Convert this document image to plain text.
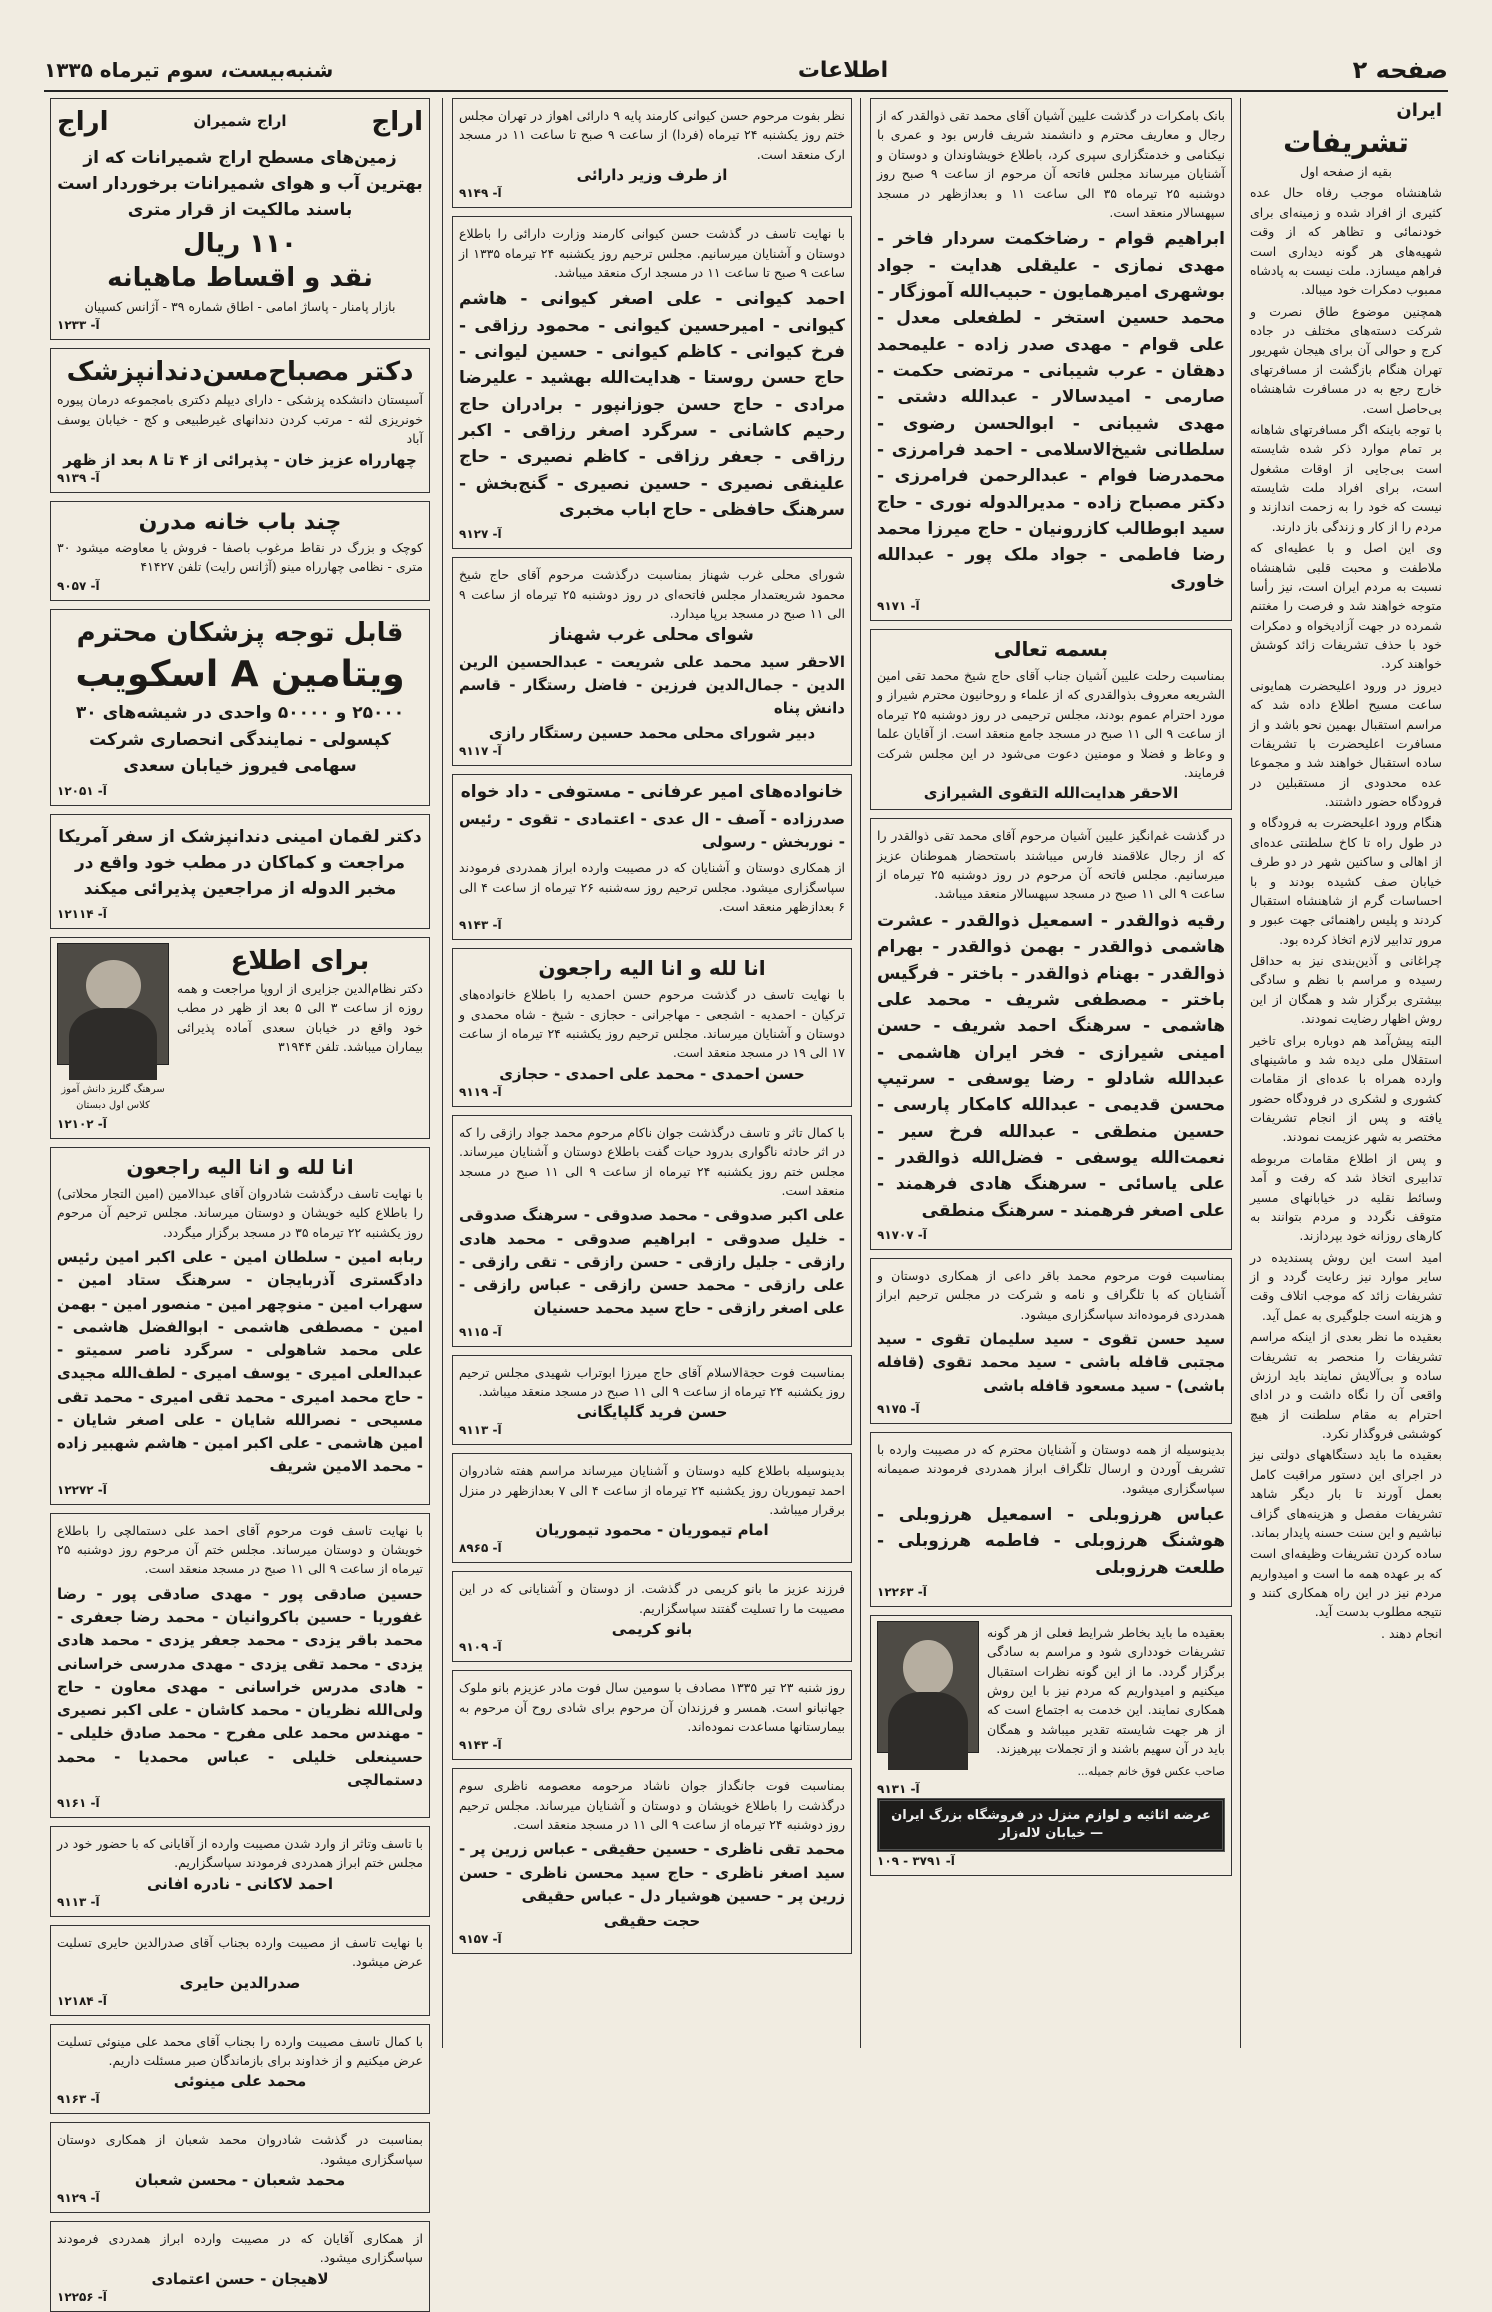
صفحه ۲
اطلاعات
شنبه‌بیست، سوم تیرماه ۱۳۳۵
ایران
تشریفات

بقیه از صفحه اول

شاهنشاه موجب رفاه حال عده کثیری از افراد شده و زمینه‌ای برای خودنمائی و تظاهر که از وقت شهیه‌های هر گونه دیداری است فراهم میسازد. ملت نیست به پادشاه ممبوب دمکرات خود میبالد.

همچنین موضوع طاق نصرت و شرکت دسته‌های مختلف در جاده کرج و حوالی آن برای هیجان شهریور تهران هنگام بازگشت از مسافرتهای خارج رجع به در مسافرت شاهنشاه بی‌حاصل است.

با توجه باینکه اگر مسافرتهای شاهانه بر تمام موارد ذکر شده شایسته است بی‌جایی از اوقات مشغول است، برای افراد ملت شایسته نیست که خود را به زحمت اندازند و مردم را از کار و زندگی باز دارند.

وی این اصل و با عطیه‌ای که ملاطفت و محبت قلبی شاهنشاه نسبت به مردم ایران است، نیز رأسا متوجه خواهند شد و فرصت را مغتنم شمرده در جهت آزادیخواه و دمکرات خود با حذف تشریفات زائد کوشش خواهند کرد.

دیروز در ورود اعلیحضرت همایونی ساعت مسیح اطلاع داده شد که مراسم استقبال بهمین نحو باشد و از مسافرت اعلیحضرت با تشریفات ساده استقبال خواهند شد و مجموعا عده محدودی از مستقبلین در فرودگاه حضور داشتند.

هنگام ورود اعلیحضرت به فرودگاه و در طول راه تا کاخ سلطنتی عده‌ای از اهالی و ساکنین شهر در دو طرف خیابان صف کشیده بودند و با احساسات گرم از شاهنشاه استقبال کردند و پلیس راهنمائی جهت عبور و مرور تدابیر لازم اتخاذ کرده بود.

چراغانی و آذین‌بندی نیز به حداقل رسیده و مراسم با نظم و سادگی بیشتری برگزار شد و همگان از این روش اظهار رضایت نمودند.

البته پیش‌آمد هم دوباره برای تاخیر استقلال ملی دیده شد و ماشینهای وارده همراه با عده‌ای از مقامات کشوری و لشکری در فرودگاه حضور یافته و پس از انجام تشریفات مختصر به شهر عزیمت نمودند.

و پس از اطلاع مقامات مربوطه تدابیری اتخاذ شد که رفت و آمد وسائط نقلیه در خیابانهای مسیر متوقف نگردد و مردم بتوانند به کارهای روزانه خود بپردازند.

امید است این روش پسندیده در سایر موارد نیز رعایت گردد و از تشریفات زائد که موجب اتلاف وقت و هزینه است جلوگیری به عمل آید.

بعقیده ما نظر بعدی از اینکه مراسم تشریفات را منحصر به تشریفات ساده و بی‌آلایش نمایند باید ارزش واقعی آن را نگاه داشت و در ادای احترام به مقام سلطنت از هیچ کوششی فروگذار نکرد.

بعقیده ما باید دستگاههای دولتی نیز در اجرای این دستور مراقبت کامل بعمل آورند تا بار دیگر شاهد تشریفات مفصل و هزینه‌های گزاف نباشیم و این سنت حسنه پایدار بماند.

ساده کردن تشریفات وظیفه‌ای است که بر عهده همه ما است و امیدواریم مردم نیز در این راه همکاری کنند و نتیجه مطلوب بدست آید.

انجام دهند .

بانک بامکرات در گذشت علیین آشیان آقای محمد تقی ذوالقدر که از رجال و معاریف محترم و دانشمند شریف فارس بود و عمری با نیکنامی و خدمتگزاری سپری کرد، باطلاع خویشاوندان و دوستان و آشنایان میرساند مجلس فاتحه آن مرحوم از ساعت ۹ صبح روز دوشنبه ۲۵ تیرماه ۳۵ الی ساعت ۱۱ و بعدازظهر در مسجد سپهسالار منعقد است.

ابراهیم قوام - رضاخکمت سردار فاخر - مهدی نمازی - علیقلی هدایت - جواد بوشهری امیرهمایون - حبیب‌الله آموزگار - محمد حسین استخر - لطفعلی معدل - علی قوام - مهدی صدر زاده - علیمحمد دهقان - عرب شیبانی - مرتضی حکمت - صارمی - امیدسالار - عبدالله دشتی - مهدی شیبانی - ابوالحسن رضوی - سلطانی شیخ‌الاسلامی - احمد فرامرزی - محمدرضا فوام - عبدالرحمن فرامرزی - دکتر مصباح زاده - مدیرالدوله نوری - حاج سید ابوطالب کازرونیان - حاج میرزا محمد رضا فاطمی - جواد ملک پور - عبدالله خاوری

آ- ۹۱۷۱

بسمه تعالی

بمناسبت رحلت علیین آشیان جناب آقای حاج شیخ محمد تقی امین الشریعه معروف بذوالقدری که از علماء و روحانیون محترم شیراز و مورد احترام عموم بودند، مجلس ترحیمی در روز دوشنبه ۲۵ تیرماه از ساعت ۹ الی ۱۱ صبح در مسجد جامع منعقد است. از آقایان علما و وعاظ و فضلا و مومنین دعوت می‌شود در این مجلس شرکت فرمایند.

الاحقر هدایت‌الله التقوی الشیرازی

در گذشت غم‌انگیز علیین آشیان مرحوم آقای محمد تقی ذوالقدر را که از رجال علاقمند فارس میباشند باستحضار هموطنان عزیز میرسانیم. مجلس فاتحه آن مرحوم در روز دوشنبه ۲۵ تیرماه از ساعت ۹ الی ۱۱ صبح در مسجد سپهسالار منعقد میباشد.

رقیه ذوالقدر - اسمعیل ذوالقدر - عشرت هاشمی ذوالقدر - بهمن ذوالقدر - بهرام ذوالقدر - بهنام ذوالقدر - باختر - فرگیس باختر - مصطفی شریف - محمد علی هاشمی - سرهنگ احمد شریف - حسن امینی شیرازی - فخر ایران هاشمی - عبدالله شادلو - رضا یوسفی - سرتیپ محسن قدیمی - عبدالله کامکار پارسی - حسین منطقی - عبدالله فرخ سیر - نعمت‌الله یوسفی - فضل‌الله ذوالقدر - علی یاسائی - سرهنگ هادی فرهمند - علی اصغر فرهمند - سرهنگ منطقی

آ- ۹۱۷۰۷

بمناسبت فوت مرحوم محمد باقر داعی از همکاری دوستان و آشنایان که با تلگراف و نامه و شرکت در مجلس ترحیم ابراز همدردی فرموده‌اند سپاسگزاری میشود.

سید حسن تقوی - سید سلیمان تقوی - سید مجتبی قافله باشی - سید محمد تقوی (قافله باشی) - سید مسعود قافله باشی

آ- ۹۱۷۵

بدینوسیله از همه دوستان و آشنایان محترم که در مصیبت وارده با تشریف آوردن و ارسال تلگراف ابراز همدردی فرمودند صمیمانه سپاسگزاری میشود.

عباس هرزوبلی - اسمعیل هرزوبلی - هوشنگ هرزوبلی - فاطمه هرزوبلی - طلعت هرزوبلی

آ- ۱۲۲۶۳

بعقیده ما باید بخاطر شرایط فعلی از هر گونه تشریفات خودداری شود و مراسم به سادگی برگزار گردد. ما از این گونه نظرات استقبال میکنیم و امیدواریم که مردم نیز با این روش همکاری نمایند. این خدمت به اجتماع است که از هر جهت شایسته تقدیر میباشد و همگان باید در آن سهیم باشند و از تجملات بپرهیزند.

صاحب عکس فوق خانم جمیله...

آ- ۹۱۳۱

عرضه اثاثیه و لوازم منزل در فروشگاه بزرگ ایران — خیابان لاله‌زار

آ- ۳۷۹۱ - ۱۰۹

نظر بفوت مرحوم حسن کیوانی کارمند پایه ۹ دارائی اهواز در تهران مجلس ختم روز یکشنبه ۲۴ تیرماه (فردا) از ساعت ۹ صبح تا ساعت ۱۱ در مسجد ارک منعقد است.

از طرف وزیر دارائی

آ- ۹۱۴۹

با نهایت تاسف در گذشت حسن کیوانی کارمند وزارت دارائی را باطلاع دوستان و آشنایان میرسانیم. مجلس ترحیم روز یکشنبه ۲۴ تیرماه ۱۳۳۵ از ساعت ۹ صبح تا ساعت ۱۱ در مسجد ارک منعقد میباشد.

احمد کیوانی - علی اصغر کیوانی - هاشم کیوانی - امیرحسین کیوانی - محمود رزاقی - فرخ کیوانی - کاظم کیوانی - حسین لیوانی - حاج حسن روستا - هدایت‌الله بهشید - علیرضا مرادی - حاج حسن جوزانپور - برادران حاج رحیم کاشانی - سرگرد اصغر رزاقی - اکبر رزاقی - جعفر رزاقی - کاظم نصیری - حاج علینقی نصیری - حسین نصیری - گنج‌بخش - سرهنگ حافظی - حاج اباب مخبری

آ- ۹۱۲۷

شورای محلی غرب شهناز بمناسبت درگذشت مرحوم آقای حاج شیخ محمود شریعتمدار مجلس فاتحه‌ای در روز دوشنبه ۲۵ تیرماه از ساعت ۹ الی ۱۱ صبح در مسجد برپا میدارد.

شوای محلی غرب شهناز

الاحقر سید محمد علی شریعت - عبدالحسین الرین الدین - جمال‌الدین فرزین - فاضل رستگار - قاسم دانش پناه

دبیر شورای محلی محمد حسین رستگار رازی

آ- ۹۱۱۷

خانواده‌های امیر عرفانی - مستوفی - داد خواه

صدرزاده - آصف - ال عدی - اعتمادی - تقوی - رئیس - نوربخش - رسولی

از همکاری دوستان و آشنایان که در مصیبت وارده ابراز همدردی فرمودند سپاسگزاری میشود. مجلس ترحیم روز سه‌شنبه ۲۶ تیرماه از ساعت ۴ الی ۶ بعدازظهر منعقد است.

آ- ۹۱۴۳

انا لله و انا الیه راجعون

با نهایت تاسف در گذشت مرحوم حسن احمدیه را باطلاع خانواده‌های ترکیان - احمدیه - اشجعی - مهاجرانی - حجازی - شیخ - شاه محمدی و دوستان و آشنایان میرساند. مجلس ترحیم روز یکشنبه ۲۴ تیرماه از ساعت ۱۷ الی ۱۹ در مسجد منعقد است.

حسن احمدی - محمد علی احمدی - حجازی

آ- ۹۱۱۹

با کمال تاثر و تاسف درگذشت جوان ناکام مرحوم محمد جواد رازقی را که در اثر حادثه ناگواری بدرود حیات گفت باطلاع دوستان و آشنایان میرساند. مجلس ختم روز یکشنبه ۲۴ تیرماه از ساعت ۹ الی ۱۱ صبح در مسجد منعقد است.

علی اکبر صدوقی - محمد صدوقی - سرهنگ صدوقی - خلیل صدوقی - ابراهیم صدوقی - محمد هادی رازقی - جلیل رازقی - حسن رازقی - تقی رازقی - علی رازقی - محمد حسن رازقی - عباس رازقی - علی اصغر رازقی - حاج سید محمد حسنیان

آ- ۹۱۱۵

بمناسبت فوت حجة‌الاسلام آقای حاج میرزا ابوتراب شهیدی مجلس ترحیم روز یکشنبه ۲۴ تیرماه از ساعت ۹ الی ۱۱ صبح در مسجد منعقد میباشد.

حسن فرید گلپایگانی

آ- ۹۱۱۳

بدینوسیله باطلاع کلیه دوستان و آشنایان میرساند مراسم هفته شادروان احمد تیموریان روز یکشنبه ۲۴ تیرماه از ساعت ۴ الی ۷ بعدازظهر در منزل برقرار میباشد.

امام تیموریان - محمود تیموریان

آ- ۸۹۶۵

فرزند عزیز ما بانو کریمی در گذشت. از دوستان و آشنایانی که در این مصیبت ما را تسلیت گفتند سپاسگزاریم.

بانو کریمی

آ- ۹۱۰۹

روز شنبه ۲۳ تیر ۱۳۳۵ مصادف با سومین سال فوت مادر عزیزم بانو ملوک جهانبانو است. همسر و فرزندان آن مرحوم برای شادی روح آن مرحوم به بیمارستانها مساعدت نموده‌اند.

آ- ۹۱۴۳

بمناسبت فوت جانگداز جوان ناشاد مرحومه معصومه ناظری سوم درگذشت را باطلاع خویشان و دوستان و آشنایان میرساند. مجلس ترحیم روز دوشنبه ۲۴ تیرماه از ساعت ۹ الی ۱۱ در مسجد منعقد است.

محمد تقی ناظری - حسین حقیقی - عباس زرین پر - سید اصغر ناظری - حاج سید محسن ناظری - حسن زرین پر - حسین هوشیار دل - عباس حقیقی

حجت حقیقی

آ- ۹۱۵۷

اراج
اراج شمیران
اراج

زمین‌های مسطح اراج شمیرانات که از بهترین آب و هوای شمیرانات برخوردار است باسند مالکیت از قرار متری

۱۱۰ ریال
نقد و اقساط ماهیانه

بازار پامنار - پاساژ امامی - اطاق شماره ۳۹ - آژانس کسپیان

آ- ۱۲۳۳

دکتر مصباح‌مسن‌دندانپزشک

آسیستان دانشکده پزشکی - دارای دیپلم دکتری بامجموعه درمان پیوره خونریزی لثه - مرتب کردن دندانهای غیرطبیعی و کج - خیابان یوسف آباد

چهارراه عزیز خان - پذیرائی از ۴ تا ۸ بعد از ظهر

آ- ۹۱۳۹

چند باب خانه مدرن

کوچک و بزرگ در نقاط مرغوب باصفا - فروش یا معاوضه میشود ۳۰ متری - نظامی چهارراه مینو (آژانس رایت) تلفن ۴۱۴۲۷

آ- ۹۰۵۷

قابل توجه پزشکان محترم
ویتامین A اسکویب

۲۵۰۰۰ و ۵۰۰۰۰ واحدی در شیشه‌های ۳۰ کپسولی - نمایندگی انحصاری شرکت سهامی فیروز خیابان سعدی

آ- ۱۲۰۵۱

دکتر لقمان امینی دندانپزشک از سفر آمریکا مراجعت و کماکان در مطب خود واقع در مخبر الدوله از مراجعین پذیرائی میکند

آ- ۱۲۱۱۴

برای اطلاع

دکتر نظام‌الدین جزایری از اروپا مراجعت و همه روزه از ساعت ۳ الی ۵ بعد از ظهر در مطب خود واقع در خیابان سعدی آماده پذیرائی بیماران میباشد. تلفن ۳۱۹۴۴

سرهنگ گلریز دانش آموز کلاس اول دبستان

آ- ۱۲۱۰۲

انا لله و انا الیه راجعون

با نهایت تاسف درگذشت شادروان آقای عبدالامین (امین التجار محلاتی) را باطلاع کلیه خویشان و دوستان میرساند. مجلس ترحیم آن مرحوم روز یکشنبه ۲۲ تیرماه ۳۵ در مسجد برگزار میگردد.

ربابه امین - سلطان امین - علی اکبر امین رئیس دادگستری آذربایجان - سرهنگ ستاد امین - سهراب امین - منوچهر امین - منصور امین - بهمن امین - مصطفی هاشمی - ابوالفضل هاشمی - علی محمد شاهولی - سرگرد ناصر سمیتو - عبدالعلی امیری - یوسف امیری - لطف‌الله مجیدی - حاج محمد امیری - محمد تقی امیری - محمد تقی مسیحی - نصرالله شایان - علی اصغر شایان - امین هاشمی - علی اکبر امین - هاشم شهبیر زاده - محمد الامین شریف

آ- ۱۲۲۷۲

با نهایت تاسف فوت مرحوم آقای احمد علی دستمالچی را باطلاع خویشان و دوستان میرساند. مجلس ختم آن مرحوم روز دوشنبه ۲۵ تیرماه از ساعت ۹ الی ۱۱ صبح در مسجد منعقد است.

حسین صادقی پور - مهدی صادقی پور - رضا غفوریا - حسین باکروانیان - محمد رضا جعفری - محمد باقر یزدی - محمد جعفر یزدی - محمد هادی یزدی - محمد تقی یزدی - مهدی مدرسی خراسانی - هادی مدرس خراسانی - مهدی معاون - حاج ولی‌الله نظریان - محمد کاشان - علی اکبر نصیری - مهندس محمد علی مفرح - محمد صادق خلیلی - حسینعلی خلیلی - عباس محمدیا - محمد دستمالچی

آ- ۹۱۶۱

با تاسف وتاثر از وارد شدن مصیبت وارده از آقایانی که با حضور خود در مجلس ختم ابراز همدردی فرمودند سپاسگزاریم.

احمد لاکانی - نادره افانی

آ- ۹۱۱۳

با نهایت تاسف از مصیبت وارده بجناب آقای صدرالدین حایری تسلیت عرض میشود.

صدرالدین حایری

آ- ۱۲۱۸۴

با کمال تاسف مصیبت وارده را بجناب آقای محمد علی مینوئی تسلیت عرض میکنیم و از خداوند برای بازماندگان صبر مسئلت داریم.

محمد علی مینوئی

آ- ۹۱۶۳

بمناسبت در گذشت شادروان محمد شعبان از همکاری دوستان سپاسگزاری میشود.

محمد شعبان - محسن شعبان

آ- ۹۱۲۹

از همکاری آقایان که در مصیبت وارده ابراز همدردی فرمودند سپاسگزاری میشود.

لاهیجان - حسن اعتمادی

آ- ۱۲۲۵۶
